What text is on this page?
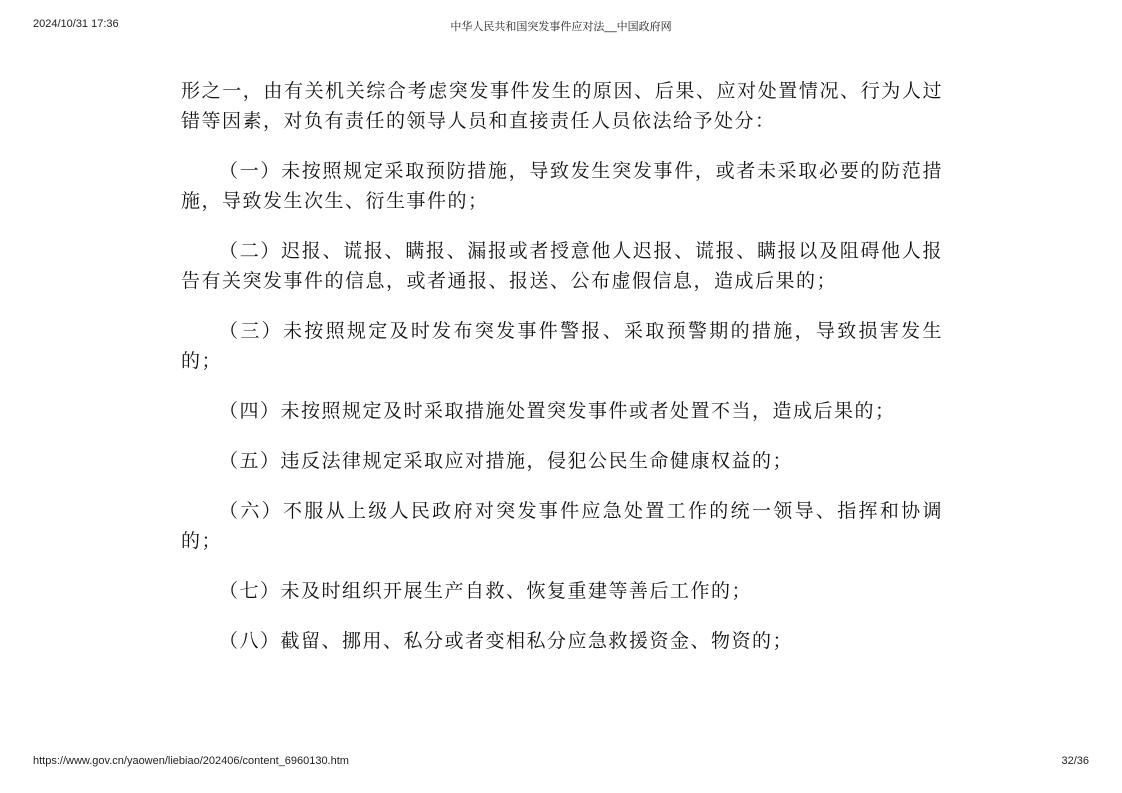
2024/10/31 17:36	中华人民共和国突发事件应对法__中国政府网

形之一，由有关机关综合考虑突发事件发生的原因、后果、应对处置情况、行为人过错等因素，对负有责任的领导人员和直接责任人员依法给予处分：

（一）未按照规定采取预防措施，导致发生突发事件，或者未采取必要的防范措施，导致发生次生、衍生事件的；

（二）迟报、谎报、瞒报、漏报或者授意他人迟报、谎报、瞒报以及阻碍他人报告有关突发事件的信息，或者通报、报送、公布虚假信息，造成后果的；

（三）未按照规定及时发布突发事件警报、采取预警期的措施，导致损害发生的；

（四）未按照规定及时采取措施处置突发事件或者处置不当，造成后果的；

（五）违反法律规定采取应对措施，侵犯公民生命健康权益的；

（六）不服从上级人民政府对突发事件应急处置工作的统一领导、指挥和协调的；

（七）未及时组织开展生产自救、恢复重建等善后工作的；

（八）截留、挪用、私分或者变相私分应急救援资金、物资的；

https://www.gov.cn/yaowen/liebiao/202406/content_6960130.htm	32/36
